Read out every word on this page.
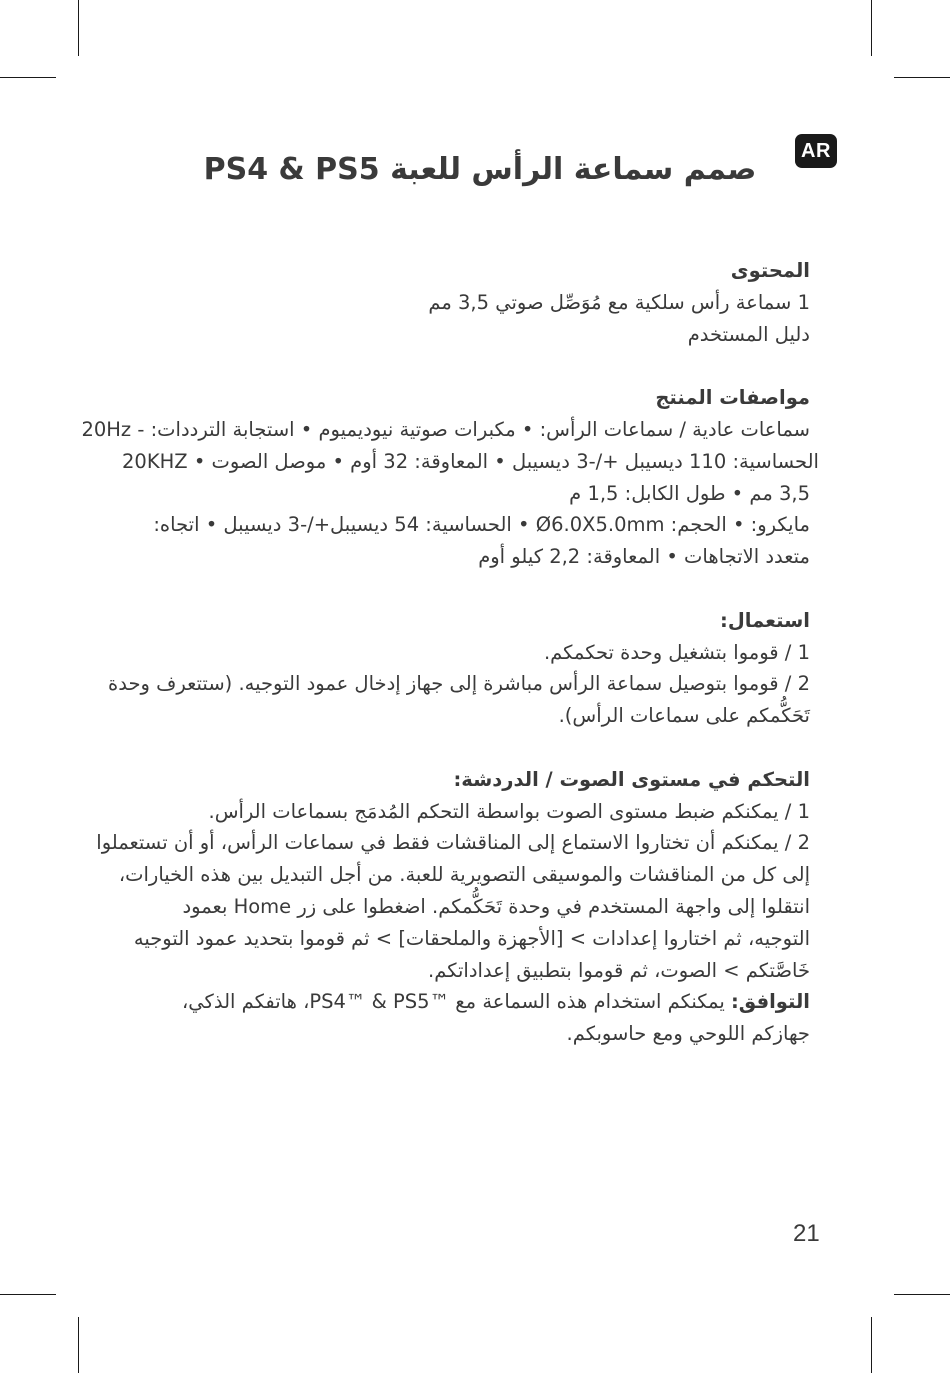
AR
صمم سماعة الرأس للعبة PS4 & PS5

المحتوى

1 سماعة رأس سلكية مع مُوَصِّل صوتي 3,5 مم

دليل المستخدم

مواصفات المنتج

سماعات عادية / سماعات الرأس: • مكبرات صوتية نيوديميوم • استجابة الترددات: - 20Hz

20KHZ • الحساسية: 110 ديسيبل +/-3 ديسيبل • المعاوقة: 32 أوم • موصل الصوت

3,5 مم • طول الكابل: 1,5 م

مايكرو: • الحجم: Ø6.0X5.0mm • الحساسية: 54 ديسيبل+/-3 ديسيبل • اتجاه:

متعدد الاتجاهات • المعاوقة: 2,2 كيلو أوم

استعمال:

1 / قوموا بتشغيل وحدة تحكمكم.

2 / قوموا بتوصيل سماعة الرأس مباشرة إلى جهاز إدخال عمود التوجيه. (ستتعرف وحدة

تَحَكُّمكم على سماعات الرأس).

التحكم في مستوى الصوت / الدردشة:

1 / يمكنكم ضبط مستوى الصوت بواسطة التحكم المُدمَج بسماعات الرأس.

2 / يمكنكم أن تختاروا الاستماع إلى المناقشات فقط في سماعات الرأس، أو أن تستعملوا

إلى كل من المناقشات والموسيقى التصويرية للعبة. من أجل التبديل بين هذه الخيارات،

انتقلوا إلى واجهة المستخدم في وحدة تَحَكُّمكم. اضغطوا على زر Home بعمود

التوجيه، ثم اختاروا إعدادات > [الأجهزة والملحقات] > ثم قوموا بتحديد عمود التوجيه

خَاصَّتكم > الصوت، ثم قوموا بتطبيق إعداداتكم.

التوافق: يمكنكم استخدام هذه السماعة مع ™PS4™ & PS5، هاتفكم الذكي،

جهازكم اللوحي ومع حاسوبكم.

21
